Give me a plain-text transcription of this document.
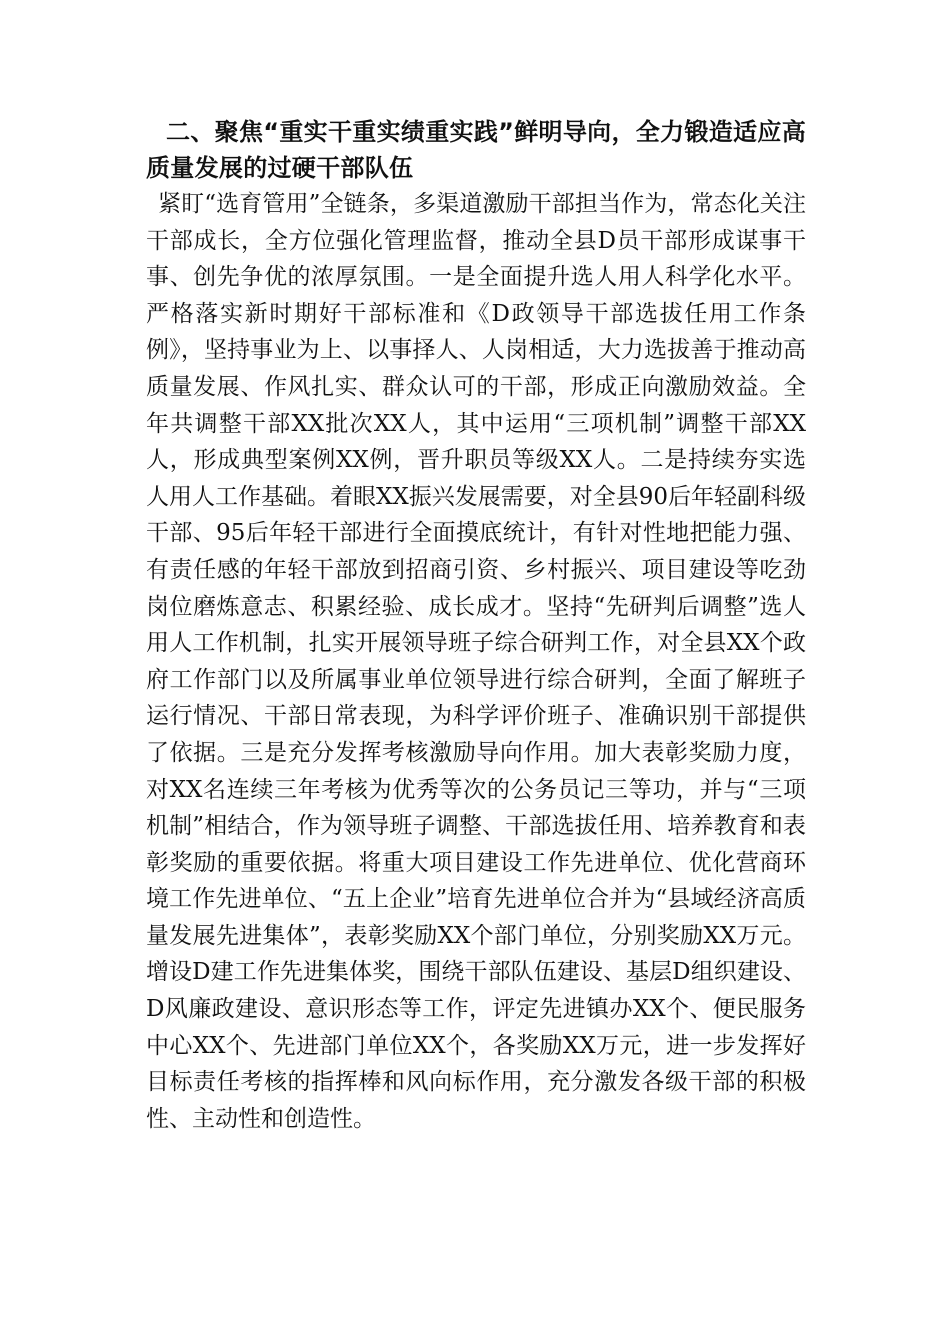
二、聚焦“重实干重实绩重实践”鲜明导向，全力锻造适应高质量发展的过硬干部队伍

紧盯“选育管用”全链条，多渠道激励干部担当作为，常态化关注干部成长，全方位强化管理监督，推动全县D员干部形成谋事干事、创先争优的浓厚氛围。一是全面提升选人用人科学化水平。严格落实新时期好干部标准和《D政领导干部选拔任用工作条例》，坚持事业为上、以事择人、人岗相适，大力选拔善于推动高质量发展、作风扎实、群众认可的干部，形成正向激励效益。全年共调整干部XX批次XX人，其中运用“三项机制”调整干部XX人，形成典型案例XX例，晋升职员等级XX人。二是持续夯实选人用人工作基础。着眼XX振兴发展需要，对全县90后年轻副科级干部、95后年轻干部进行全面摸底统计，有针对性地把能力强、有责任感的年轻干部放到招商引资、乡村振兴、项目建设等吃劲岗位磨炼意志、积累经验、成长成才。坚持“先研判后调整”选人用人工作机制，扎实开展领导班子综合研判工作，对全县XX个政府工作部门以及所属事业单位领导进行综合研判，全面了解班子运行情况、干部日常表现，为科学评价班子、准确识别干部提供了依据。三是充分发挥考核激励导向作用。加大表彰奖励力度，对XX名连续三年考核为优秀等次的公务员记三等功，并与“三项机制”相结合，作为领导班子调整、干部选拔任用、培养教育和表彰奖励的重要依据。将重大项目建设工作先进单位、优化营商环境工作先进单位、“五上企业”培育先进单位合并为“县域经济高质量发展先进集体”，表彰奖励XX个部门单位，分别奖励XX万元。增设D建工作先进集体奖，围绕干部队伍建设、基层D组织建设、D风廉政建设、意识形态等工作，评定先进镇办XX个、便民服务中心XX个、先进部门单位XX个，各奖励XX万元，进一步发挥好目标责任考核的指挥棒和风向标作用，充分激发各级干部的积极性、主动性和创造性。
